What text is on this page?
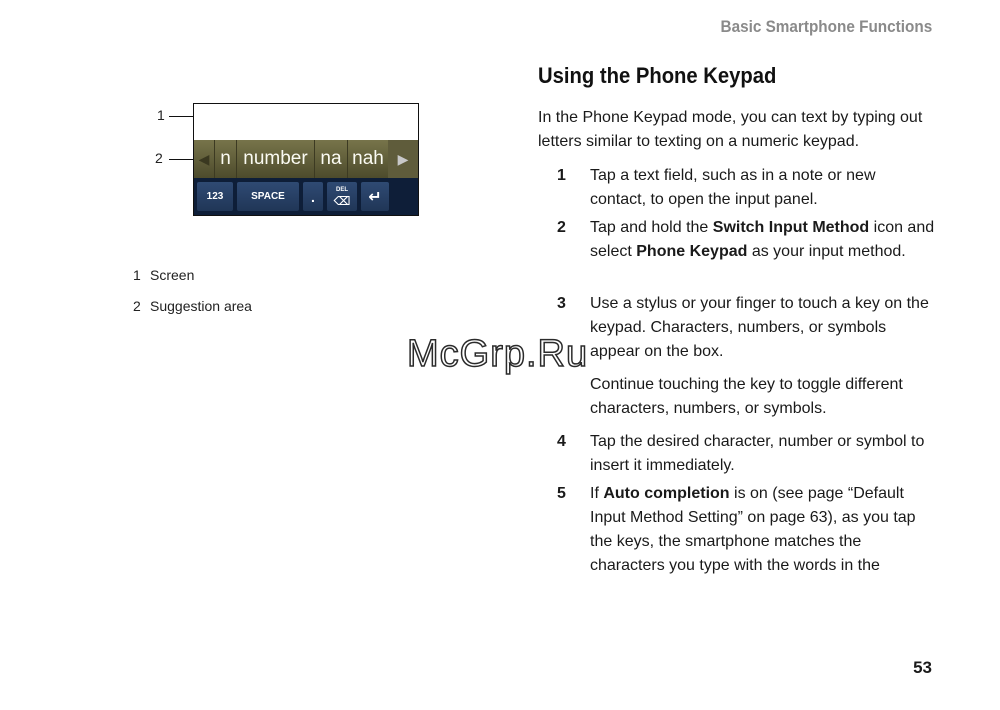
Basic Smartphone Functions
1
2	◀ n number na nah ▶
123	SPACE	.	DEL
⌫ ↵
1 Screen
2 Suggestion area
Using the Phone Keypad
In the Phone Keypad mode, you can text by typing out letters similar to texting on a numeric keypad.
1 Tap a text field, such as in a note or new contact, to open the input panel.
2 Tap and hold the Switch Input Method icon and select Phone Keypad as your input method.
3 Use a stylus or your finger to touch a key on the keypad. Characters, numbers, or symbols appear on the box.
Continue touching the key to toggle different characters, numbers, or symbols.
4 Tap the desired character, number or symbol to insert it immediately.
5 If Auto completion is on (see page “Default Input Method Setting” on page 63), as you tap the keys, the smartphone matches the characters you type with the words in the
McGrp.Ru
53
